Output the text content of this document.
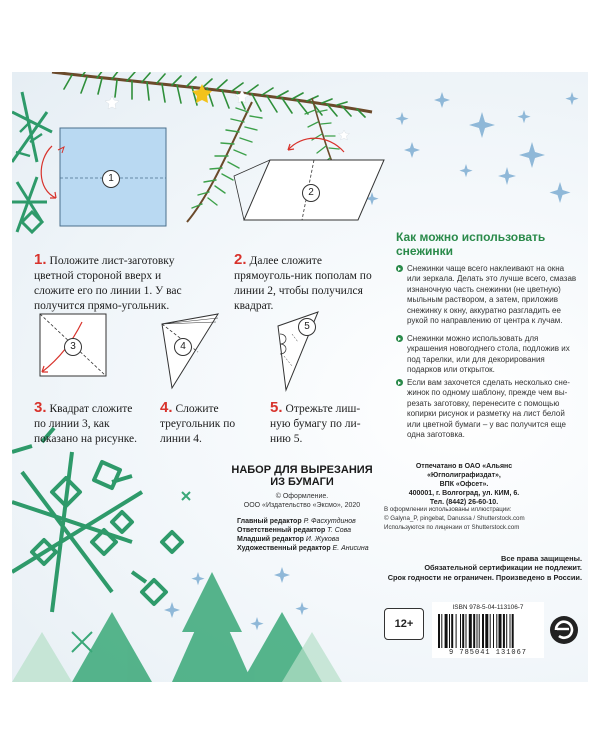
1
2
3	4
5
1. Положите лист-заготовку цветной стороной вверх и сложите его по линии 1. У вас получится прямо-угольник.
2. Далее сложите прямоуголь-ник пополам по линии 2, чтобы получился квадрат.
3. Квадрат сложите по линии 3, как показано на рисунке.
4. Сложите треугольник по линии 4.
5. Отрежьте лиш-ную бумагу по ли-нию 5.
Как можно использовать снежинки
Снежинки чаще всего наклеивают на окна или зеркала. Делать это лучше всего, смазав изнаночную часть снежинки (не цветную) мыльным раствором, а затем, приложив снежинку к окну, аккуратно разгладить ее рукой по направлению от центра к лучам.
Снежинки можно использовать для украшения новогоднего стола, подложив их под тарелки, или для декорирования подарков или открыток.
Если вам захочется сделать несколько сне-жинок по одному шаблону, прежде чем вы-резать заготовку, перенесите с помощью копирки рисунок и разметку на лист белой или цветной бумаги – у вас получится еще одна заготовка.
НАБОР ДЛЯ ВЫРЕЗАНИЯ
ИЗ БУМАГИ
© Оформление.
ООО «Издательство «Эксмо», 2020
Главный редактор Р. Фасхутдинов
Ответственный редактор Т. Сова
Младший редактор И. Жукова
Художественный редактор Е. Анисина
Отпечатано в ОАО «Альянс «Югполиграфиздат»,
ВПК «Офсет».
400001, г. Волгоград, ул. КИМ, 6.
Тел. (8442) 26-60-10.
В оформлении использованы иллюстрации:
© Galyna_P, pingebat, Danussa / Shutterstock.com
Используются по лицензии от Shutterstock.com
Все права защищены.
Обязательной сертификации не подлежит.
Срок годности не ограничен. Произведено в России.
12+
ISBN 978-5-04-113106-7
9 785041 131067
